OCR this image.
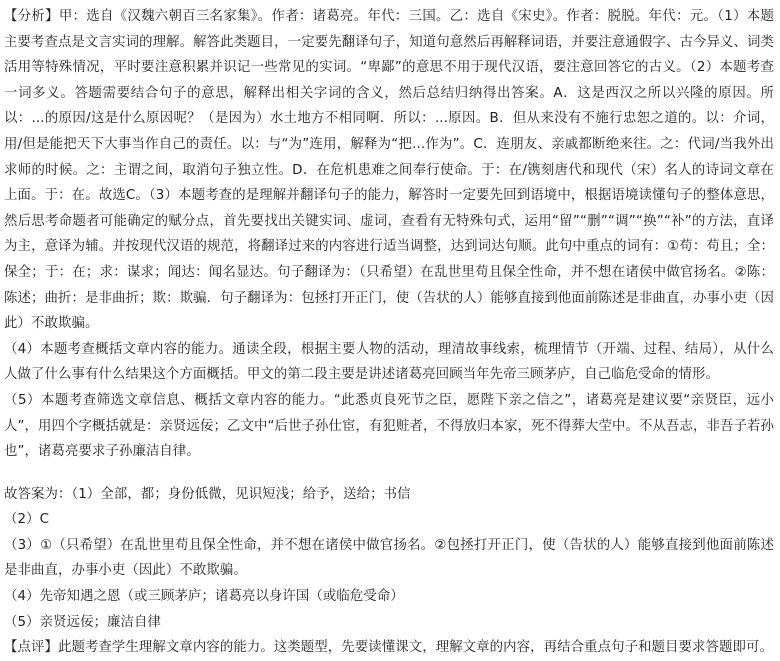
【分析】甲：选自《汉魏六朝百三名家集》。作者：诸葛亮。年代：三国。乙：选自《宋史》。作者：脱脱。年代：元。（1）本题主要考查点是文言实词的理解。解答此类题目，一定要先翻译句子，知道句意然后再解释词语，并要注意通假字、古今异义、词类活用等特殊情况，平时要注意积累并识记一些常见的实词。“卑鄙”的意思不用于现代汉语，要注意回答它的古义。（2）本题考查一词多义。答题需要结合句子的意思，解释出相关字词的含义，然后总结归纳得出答案。A．这是西汉之所以兴隆的原因。所以：...的原因/这是什么原因呢？（是因为）水土地方不相同啊．所以：...原因。B．但从来没有不施行忠恕之道的。以：介词，用/但是能把天下大事当作自己的责任。以：与“为”连用，解释为“把...作为”。C．连朋友、亲戚都断绝来往。之：代词/当我外出求师的时候。之：主谓之间，取消句子独立性。D．在危机患难之间奉行使命。于：在/镌刻唐代和现代（宋）名人的诗词文章在上面。于：在。故选C。（3）本题考查的是理解并翻译句子的能力，解答时一定要先回到语境中，根据语境读懂句子的整体意思，然后思考命题者可能确定的赋分点，首先要找出关键实词、虚词，查看有无特殊句式，运用“留”“删”“调”“换”“补”的方法，直译为主，意译为辅。并按现代汉语的规范，将翻译过来的内容进行适当调整，达到词达句顺。此句中重点的词有：①苟：苟且；全：保全；于：在；求：谋求；闻达：闻名显达。句子翻译为：（只希望）在乱世里苟且保全性命，并不想在诸侯中做官扬名。②陈：陈述；曲折：是非曲折；欺：欺骗．句子翻译为：包拯打开正门，使（告状的人）能够直接到他面前陈述是非曲直，办事小吏（因此）不敢欺骗。

（4）本题考查概括文章内容的能力。通读全段，根据主要人物的活动，理清故事线索，梳理情节（开端、过程、结局），从什么人做了什么事有什么结果这个方面概括。甲文的第二段主要是讲述诸葛亮回顾当年先帝三顾茅庐，自己临危受命的情形。

（5）本题考查筛选文章信息、概括文章内容的能力。“此悉贞良死节之臣，愿陛下亲之信之”，诸葛亮是建议要“亲贤臣，远小人”，用四个字概括就是：亲贤远佞；乙文中“后世子孙仕宦，有犯赃者，不得放归本家，死不得葬大茔中。不从吾志，非吾子若孙也”，诸葛亮要求子孙廉洁自律。

故答案为：（1）全部，都；身份低微，见识短浅；给予，送给；书信

（2）C

（3）①（只希望）在乱世里苟且保全性命，并不想在诸侯中做官扬名。②包拯打开正门，使（告状的人）能够直接到他面前陈述是非曲直，办事小吏（因此）不敢欺骗。

（4）先帝知遇之恩（或三顾茅庐；诸葛亮以身许国（或临危受命）

（5）亲贤远佞；廉洁自律

【点评】此题考查学生理解文章内容的能力。这类题型，先要读懂课文，理解文章的内容，再结合重点句子和题目要求答题即可。
